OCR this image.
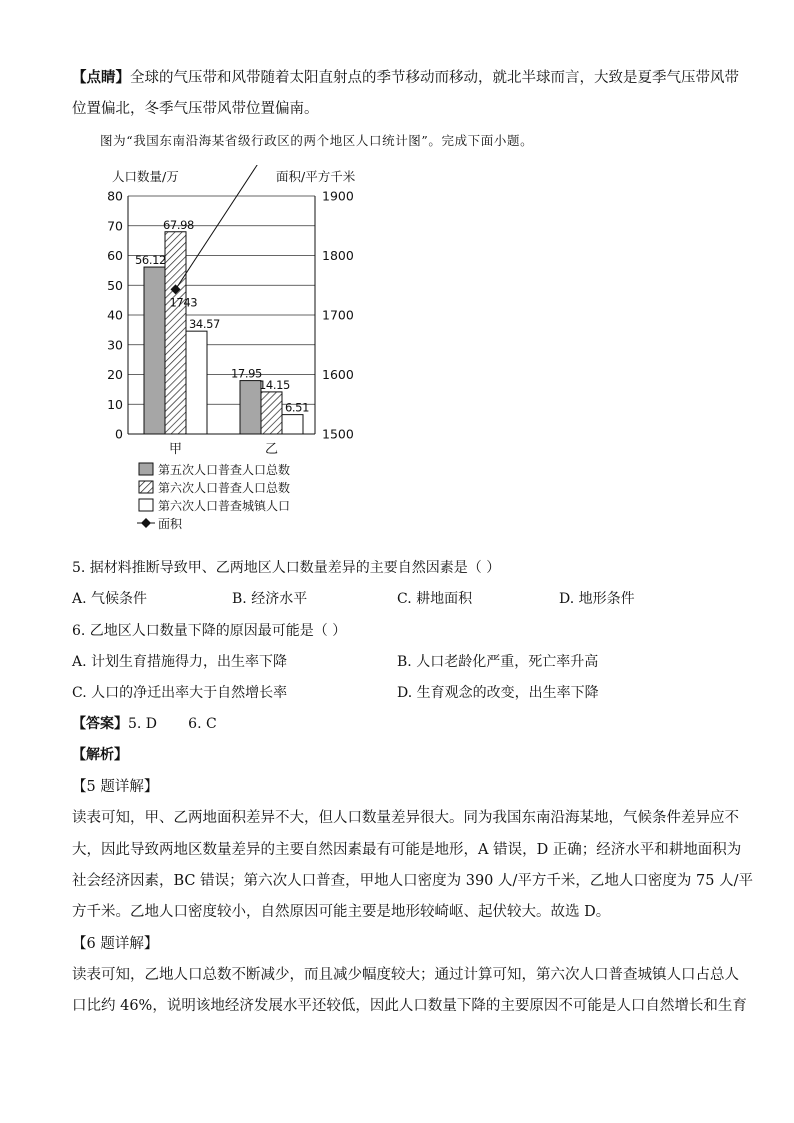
【点睛】全球的气压带和风带随着太阳直射点的季节移动而移动，就北半球而言，大致是夏季气压带风带
位置偏北，冬季气压带风带位置偏南。
图为“我国东南沿海某省级行政区的两个地区人口统计图”。完成下面小题。
人口数量/万	面积/平方千米
80
70
60
50
40
30
20
10
0
1900
1800
1700
1600
1500
甲	乙
56.12
67.98
34.57
17.95
14.15
6.51
1743
第五次人口普查人口总数
第六次人口普查人口总数
第六次人口普查城镇人口
面积
5. 据材料推断导致甲、乙两地区人口数量差异的主要自然因素是（ ）
A. 气候条件	B. 经济水平	C. 耕地面积	D. 地形条件
6. 乙地区人口数量下降的原因最可能是（ ）
A. 计划生育措施得力，出生率下降	B. 人口老龄化严重，死亡率升高
C. 人口的净迁出率大于自然增长率	D. 生育观念的改变，出生率下降
【答案】5. D       6. C
【解析】
【5 题详解】
读表可知，甲、乙两地面积差异不大，但人口数量差异很大。同为我国东南沿海某地，气候条件差异应不
大，因此导致两地区数量差异的主要自然因素最有可能是地形，A 错误，D 正确；经济水平和耕地面积为
社会经济因素，BC 错误；第六次人口普查，甲地人口密度为 390 人/平方千米，乙地人口密度为 75 人/平
方千米。乙地人口密度较小，自然原因可能主要是地形较崎岖、起伏较大。故选 D。
【6 题详解】
读表可知，乙地人口总数不断减少，而且减少幅度较大；通过计算可知，第六次人口普查城镇人口占总人
口比约 46%，说明该地经济发展水平还较低，因此人口数量下降的主要原因不可能是人口自然增长和生育
